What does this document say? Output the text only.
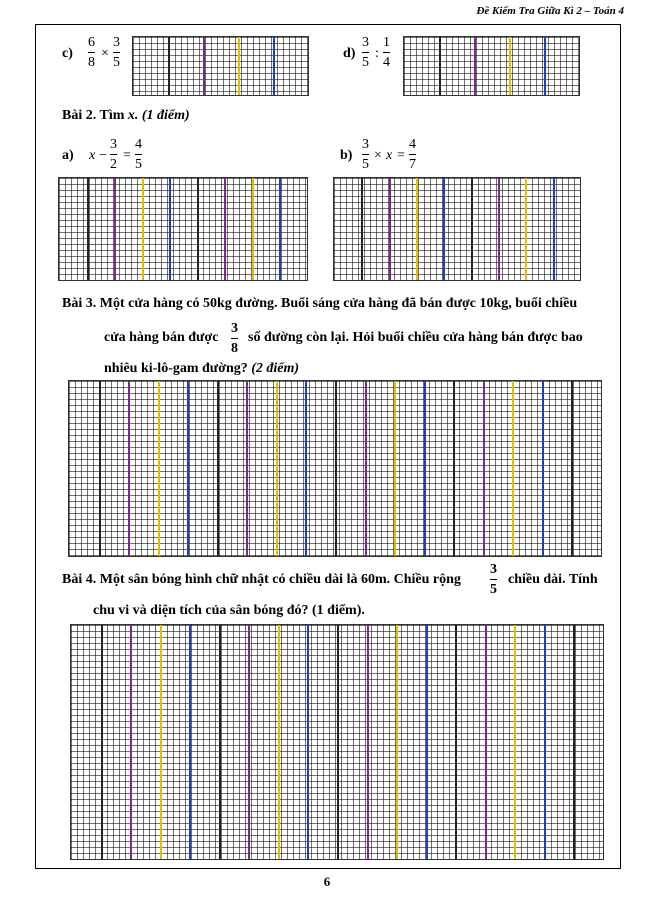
Đề Kiểm Tra Giữa Kì 2 – Toán 4
c)
6
8
×
3
5
d)
3
5
:
1
4
Bài 2. Tìm x. (1 điểm)
a) x −
3
2
=
4
5
b)
3
5
× x =
4
7
Bài 3. Một cửa hàng có 50kg đường. Buổi sáng cửa hàng đã bán được 10kg, buổi chiều
cửa hàng bán được
3
8
số đường còn lại. Hỏi buổi chiều cửa hàng bán được bao
nhiêu ki-lô-gam đường? (2 điểm)
Bài 4. Một sân bóng hình chữ nhật có chiều dài là 60m. Chiều rộng
3
5
chiều dài. Tính
chu vi và diện tích của sân bóng đó? (1 điểm).
6
